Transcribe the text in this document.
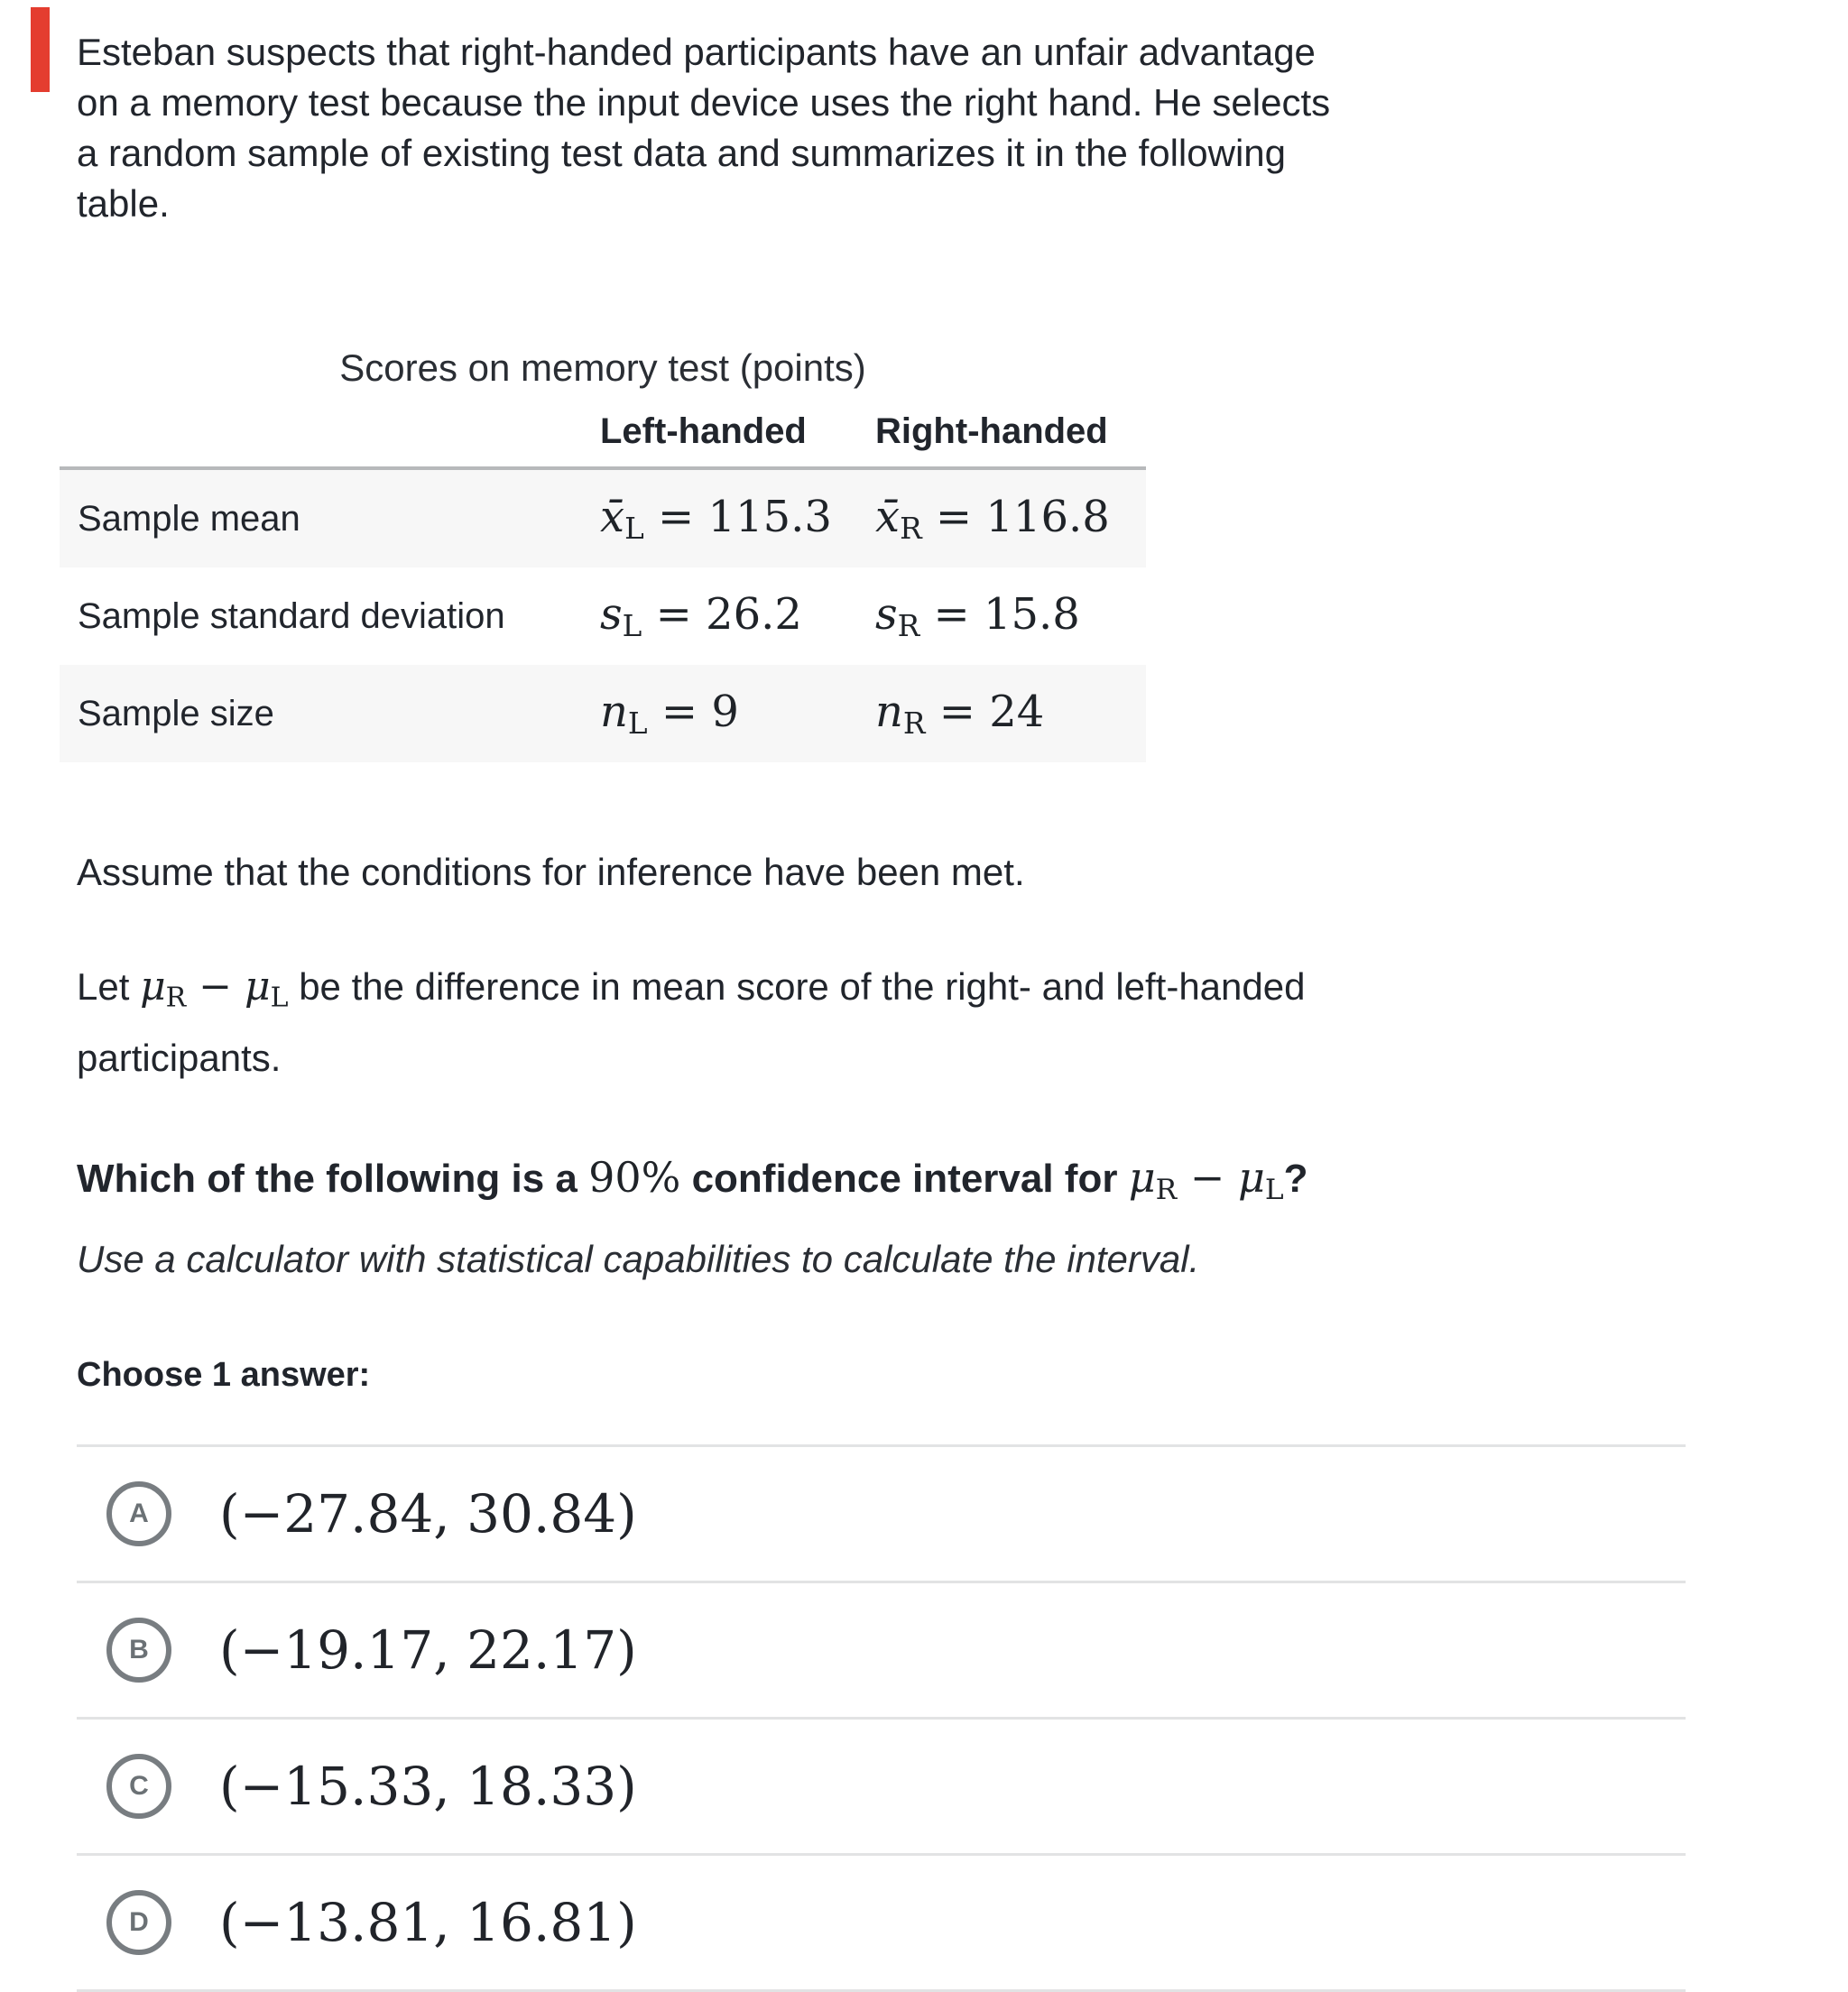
Esteban suspects that right-handed participants have an unfair advantage
on a memory test because the input device uses the right hand. He selects
a random sample of existing test data and summarizes it in the following
table.
Scores on memory test (points)
	Left-handed	Right-handed
Sample mean	$x̄_L = 115.3$	$x̄_R = 116.8$
Sample standard deviation	$s_L = 26.2$	$s_R = 15.8$
Sample size	$n_L = 9$	$n_R = 24$
Assume that the conditions for inference have been met.
Let $\mu_R - \mu_L$ be the difference in mean score of the right- and left-handed
participants.
Which of the following is a 90% confidence interval for $\mu_R - \mu_L$?
Use a calculator with statistical capabilities to calculate the interval.
Choose 1 answer:
A	(−27.84, 30.84)
B	(−19.17, 22.17)
C	(−15.33, 18.33)
D	(−13.81, 16.81)
